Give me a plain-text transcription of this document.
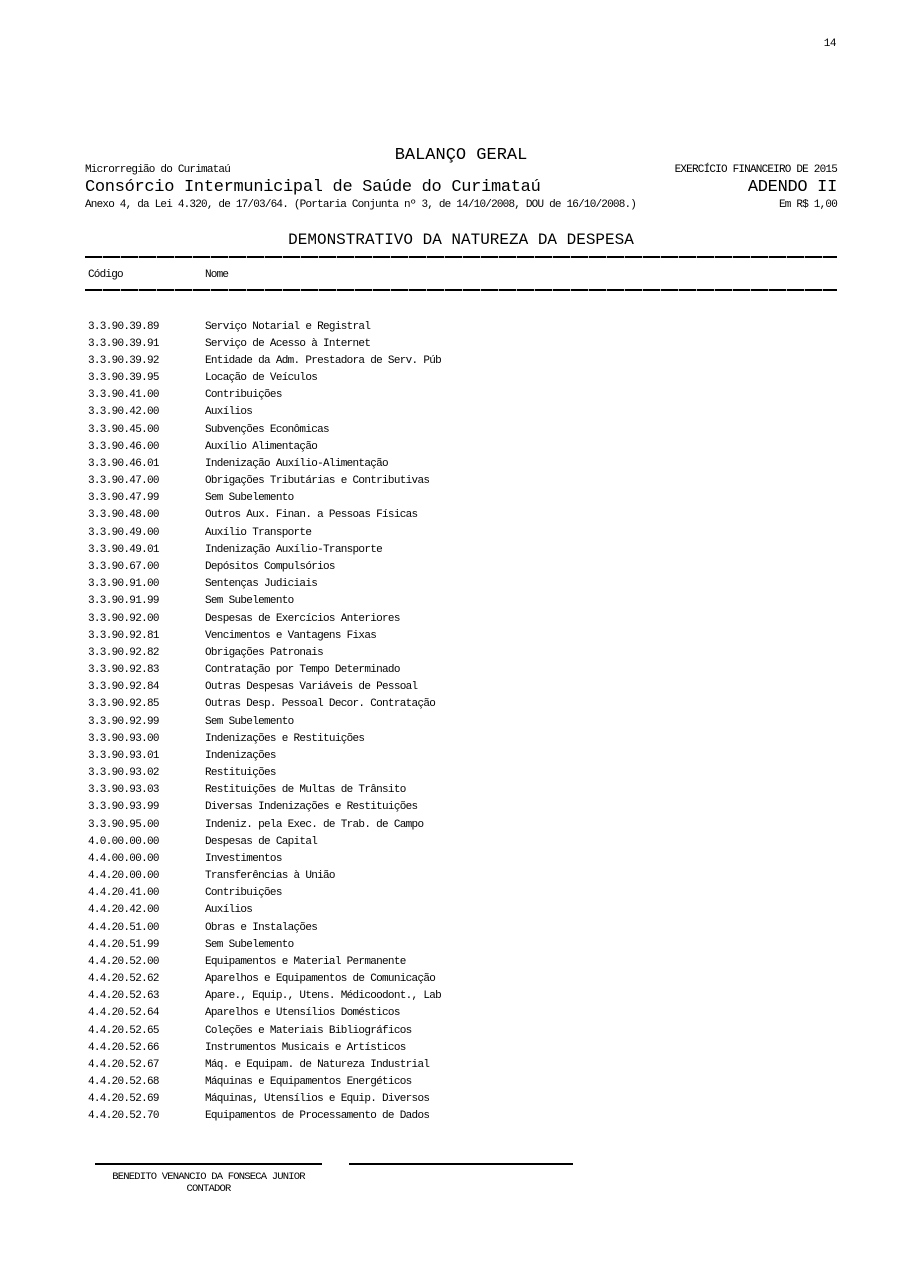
14
BALANÇO GERAL
Microrregião do Curimataú	EXERCÍCIO FINANCEIRO DE 2015
Consórcio Intermunicipal de Saúde do Curimataú	ADENDO II
Anexo 4, da Lei 4.320, de 17/03/64. (Portaria Conjunta nº 3, de 14/10/2008, DOU de 16/10/2008.)	Em R$ 1,00
DEMONSTRATIVO DA NATUREZA DA DESPESA
Código	Nome
3.3.90.39.89	Serviço Notarial e Registral
3.3.90.39.91	Serviço de Acesso à Internet
3.3.90.39.92	Entidade da Adm. Prestadora de Serv. Púb
3.3.90.39.95	Locação de Veículos
3.3.90.41.00	Contribuições
3.3.90.42.00	Auxílios
3.3.90.45.00	Subvenções Econômicas
3.3.90.46.00	Auxílio Alimentação
3.3.90.46.01	Indenização Auxílio-Alimentação
3.3.90.47.00	Obrigações Tributárias e Contributivas
3.3.90.47.99	Sem Subelemento
3.3.90.48.00	Outros Aux. Finan. a Pessoas Físicas
3.3.90.49.00	Auxílio Transporte
3.3.90.49.01	Indenização Auxílio-Transporte
3.3.90.67.00	Depósitos Compulsórios
3.3.90.91.00	Sentenças Judiciais
3.3.90.91.99	Sem Subelemento
3.3.90.92.00	Despesas de Exercícios Anteriores
3.3.90.92.81	Vencimentos e Vantagens Fixas
3.3.90.92.82	Obrigações Patronais
3.3.90.92.83	Contratação por Tempo Determinado
3.3.90.92.84	Outras Despesas Variáveis de Pessoal
3.3.90.92.85	Outras Desp. Pessoal Decor. Contratação
3.3.90.92.99	Sem Subelemento
3.3.90.93.00	Indenizações e Restituições
3.3.90.93.01	Indenizações
3.3.90.93.02	Restituições
3.3.90.93.03	Restituições de Multas de Trânsito
3.3.90.93.99	Diversas Indenizações e Restituições
3.3.90.95.00	Indeniz. pela Exec. de Trab. de Campo
4.0.00.00.00	Despesas de Capital
4.4.00.00.00	Investimentos
4.4.20.00.00	Transferências à União
4.4.20.41.00	Contribuições
4.4.20.42.00	Auxílios
4.4.20.51.00	Obras e Instalações
4.4.20.51.99	Sem Subelemento
4.4.20.52.00	Equipamentos e Material Permanente
4.4.20.52.62	Aparelhos e Equipamentos de Comunicação
4.4.20.52.63	Apare., Equip., Utens. Médicoodont., Lab
4.4.20.52.64	Aparelhos e Utensílios Domésticos
4.4.20.52.65	Coleções e Materiais Bibliográficos
4.4.20.52.66	Instrumentos Musicais e Artísticos
4.4.20.52.67	Máq. e Equipam. de Natureza Industrial
4.4.20.52.68	Máquinas e Equipamentos Energéticos
4.4.20.52.69	Máquinas, Utensílios e Equip. Diversos
4.4.20.52.70	Equipamentos de Processamento de Dados
BENEDITO VENANCIO DA FONSECA JUNIOR
CONTADOR
